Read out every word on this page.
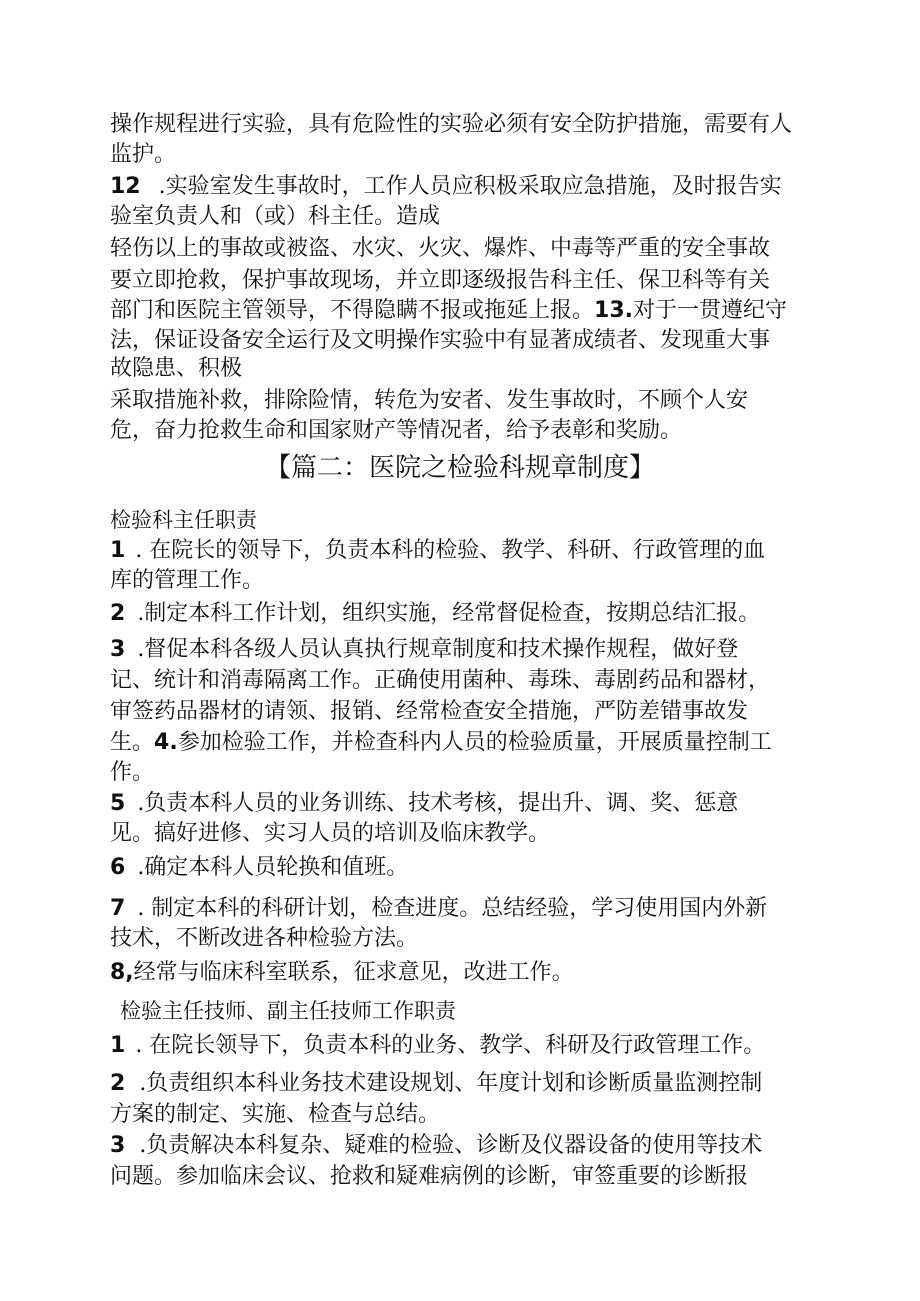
操作规程进行实验，具有危险性的实验必须有安全防护措施，需要有人
监护。
12 .实验室发生事故时，工作人员应积极采取应急措施，及时报告实
验室负责人和（或）科主任。造成
轻伤以上的事故或被盗、水灾、火灾、爆炸、中毒等严重的安全事故
要立即抢救，保护事故现场，并立即逐级报告科主任、保卫科等有关
部门和医院主管领导，不得隐瞒不报或拖延上报。13.对于一贯遵纪守
法，保证设备安全运行及文明操作实验中有显著成绩者、发现重大事
故隐患、积极
采取措施补救，排除险情，转危为安者、发生事故时，不顾个人安
危，奋力抢救生命和国家财产等情况者，给予表彰和奖励。
【篇二：医院之检验科规章制度】
检验科主任职责
1 . 在院长的领导下，负责本科的检验、教学、科研、行政管理的血
库的管理工作。
2 .制定本科工作计划，组织实施，经常督促检查，按期总结汇报。
3 .督促本科各级人员认真执行规章制度和技术操作规程，做好登
记、统计和消毒隔离工作。正确使用菌种、毒珠、毒剧药品和器材，
审签药品器材的请领、报销、经常检查安全措施，严防差错事故发
生。4.参加检验工作，并检查科内人员的检验质量，开展质量控制工
作。
5 .负责本科人员的业务训练、技术考核，提出升、调、奖、惩意
见。搞好进修、实习人员的培训及临床教学。
6 .确定本科人员轮换和值班。
7 . 制定本科的科研计划，检查进度。总结经验，学习使用国内外新
技术，不断改进各种检验方法。
8,经常与临床科室联系，征求意见，改进工作。
检验主任技师、副主任技师工作职责
1 . 在院长领导下，负责本科的业务、教学、科研及行政管理工作。
2 .负责组织本科业务技术建设规划、年度计划和诊断质量监测控制
方案的制定、实施、检查与总结。
3 .负责解决本科复杂、疑难的检验、诊断及仪器设备的使用等技术
问题。参加临床会议、抢救和疑难病例的诊断，审签重要的诊断报
